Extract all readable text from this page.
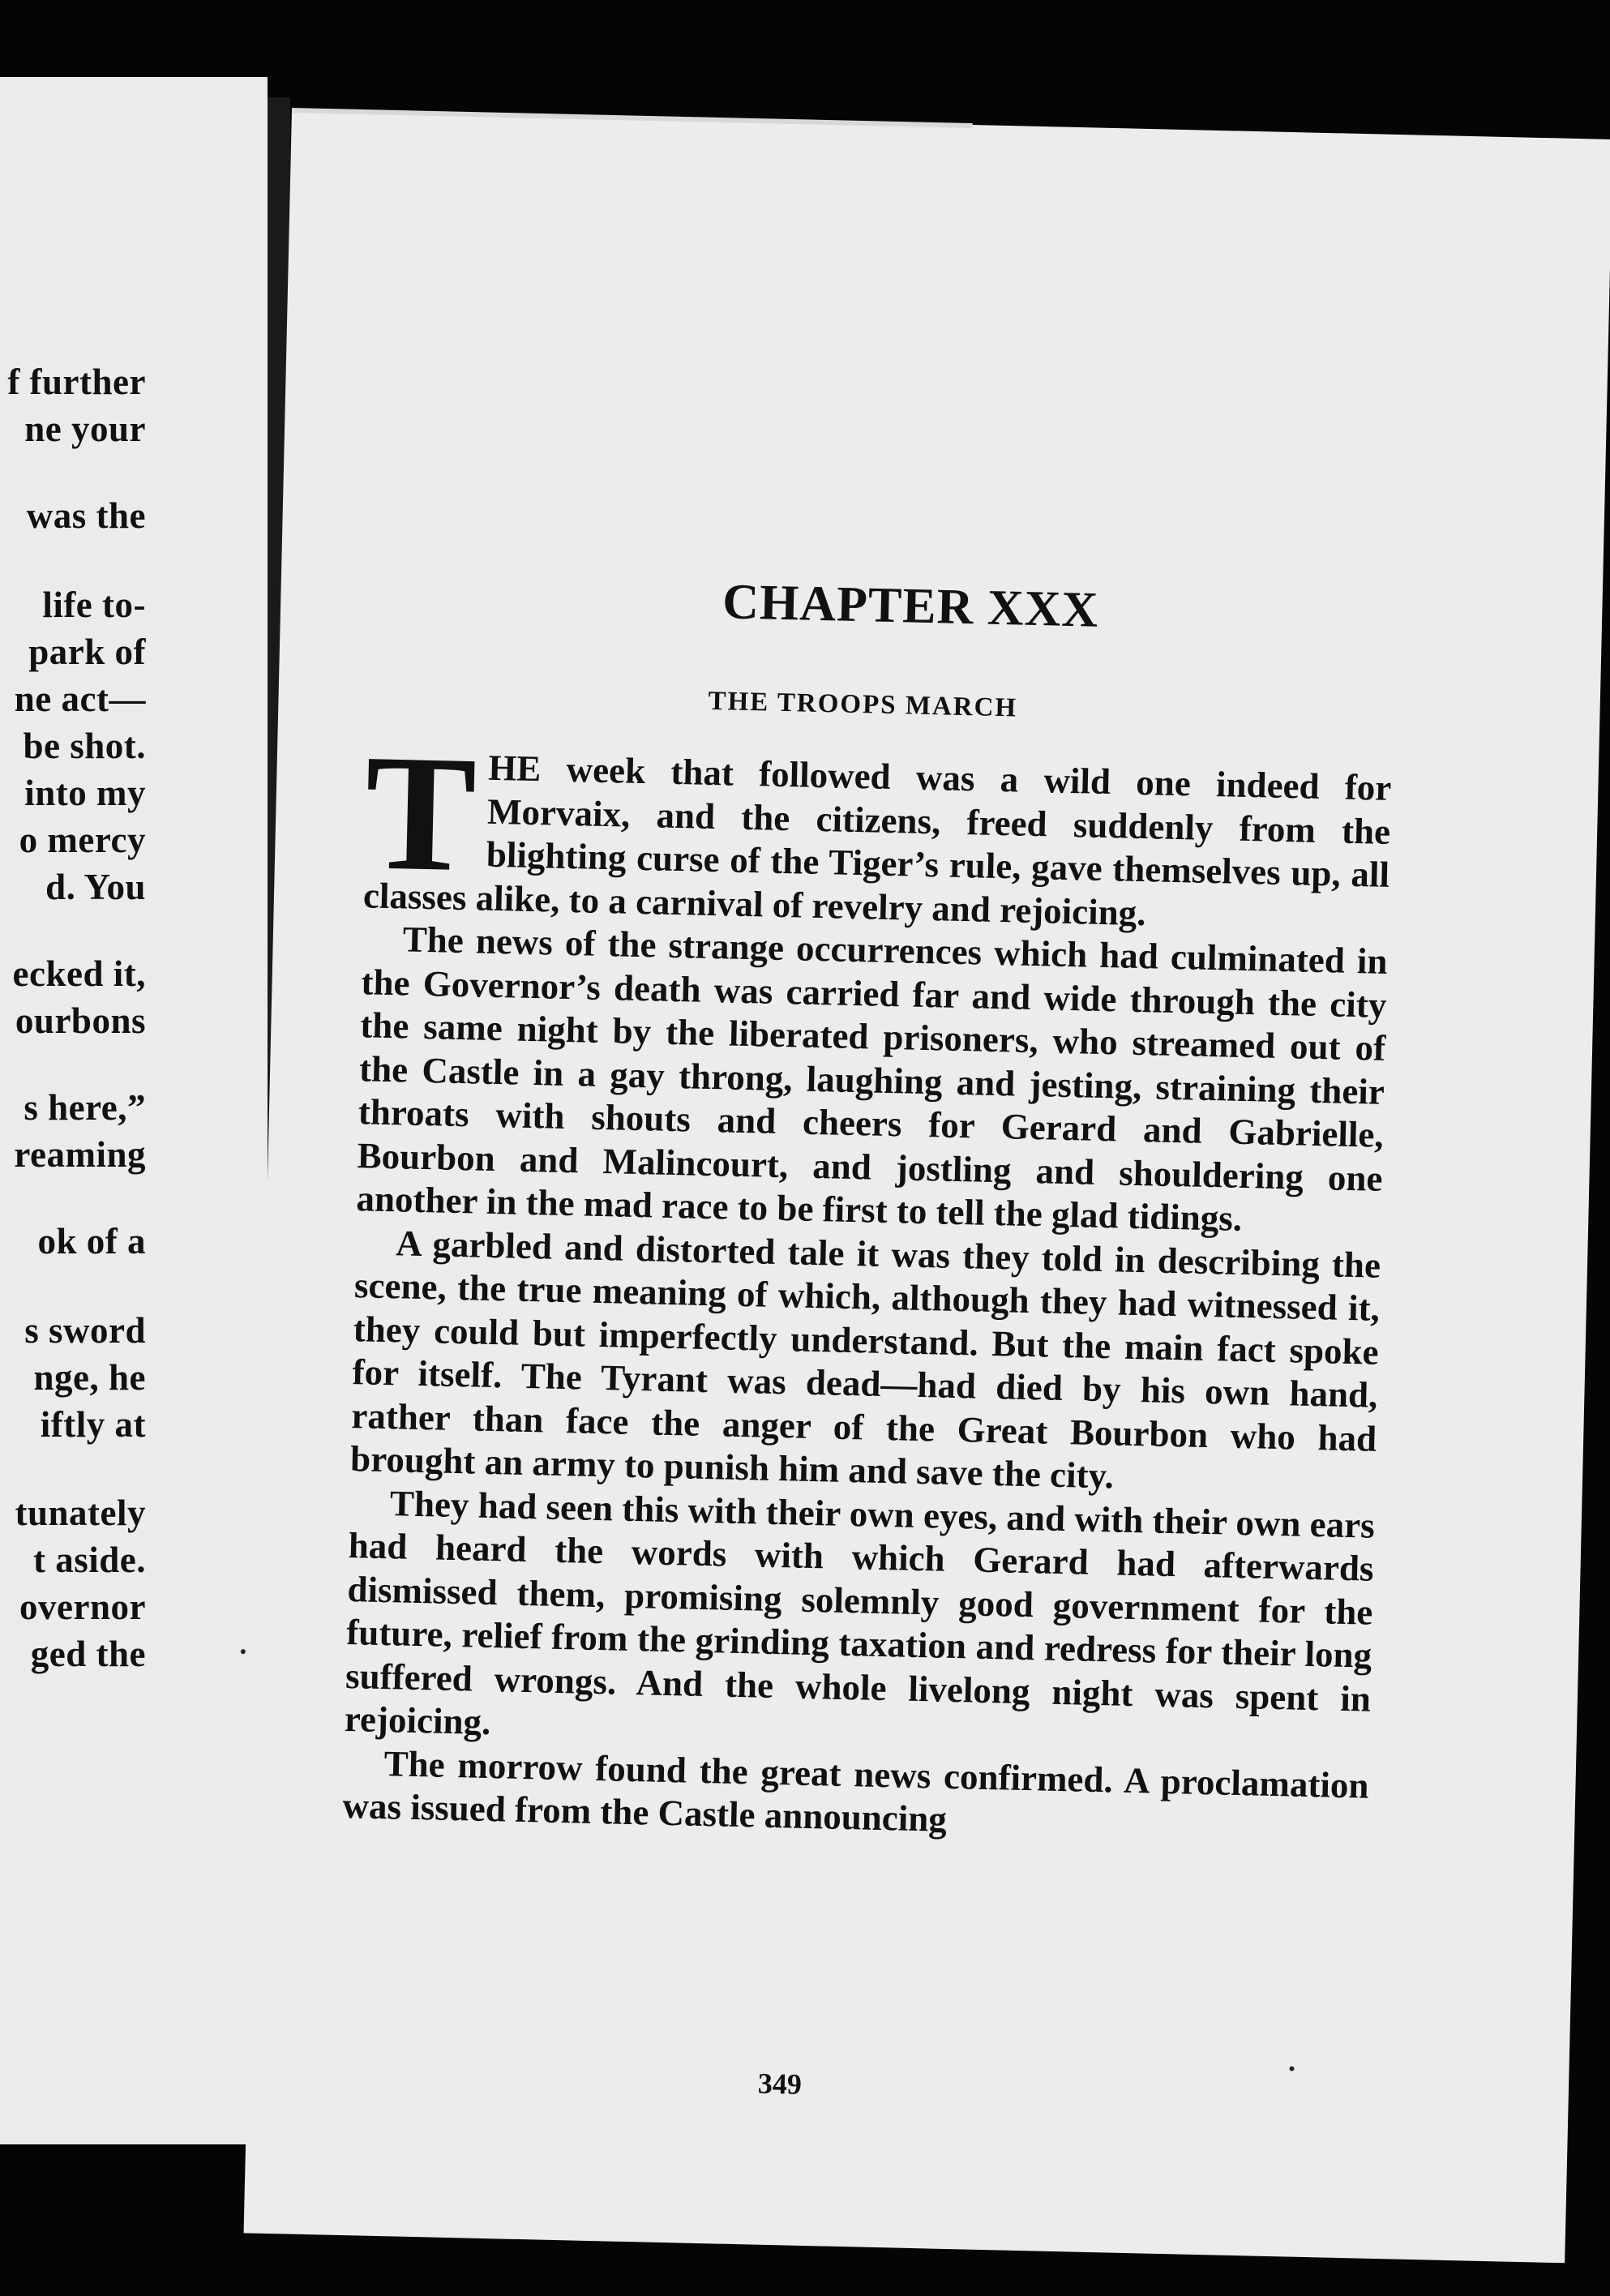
f further
ne your
was the
life to-
park of
ne act—
be shot.
into my
o mercy
d. You
ecked it,
ourbons
s here,”
reaming
ok of a
s sword
nge, he
iftly at
tunately
t aside.
overnor
ged the
CHAPTER XXX
THE TROOPS MARCH

THE week that followed was a wild one indeed for Morvaix, and the citizens, freed suddenly from the blighting curse of the Tiger’s rule, gave themselves up, all classes alike, to a carnival of revelry and rejoicing.

The news of the strange occurrences which had culminated in the Governor’s death was carried far and wide through the city the same night by the liberated prisoners, who streamed out of the Castle in a gay throng, laughing and jesting, straining their throats with shouts and cheers for Gerard and Gabrielle, Bourbon and Malincourt, and jostling and shouldering one another in the mad race to be first to tell the glad tidings.

A garbled and distorted tale it was they told in describing the scene, the true meaning of which, although they had witnessed it, they could but imperfectly understand. But the main fact spoke for itself. The Tyrant was dead—had died by his own hand, rather than face the anger of the Great Bourbon who had brought an army to punish him and save the city.

They had seen this with their own eyes, and with their own ears had heard the words with which Gerard had afterwards dismissed them, promising solemnly good government for the future, relief from the grinding taxation and redress for their long suffered wrongs. And the whole livelong night was spent in rejoicing.

The morrow found the great news confirmed. A proclamation was issued from the Castle announcing

349
